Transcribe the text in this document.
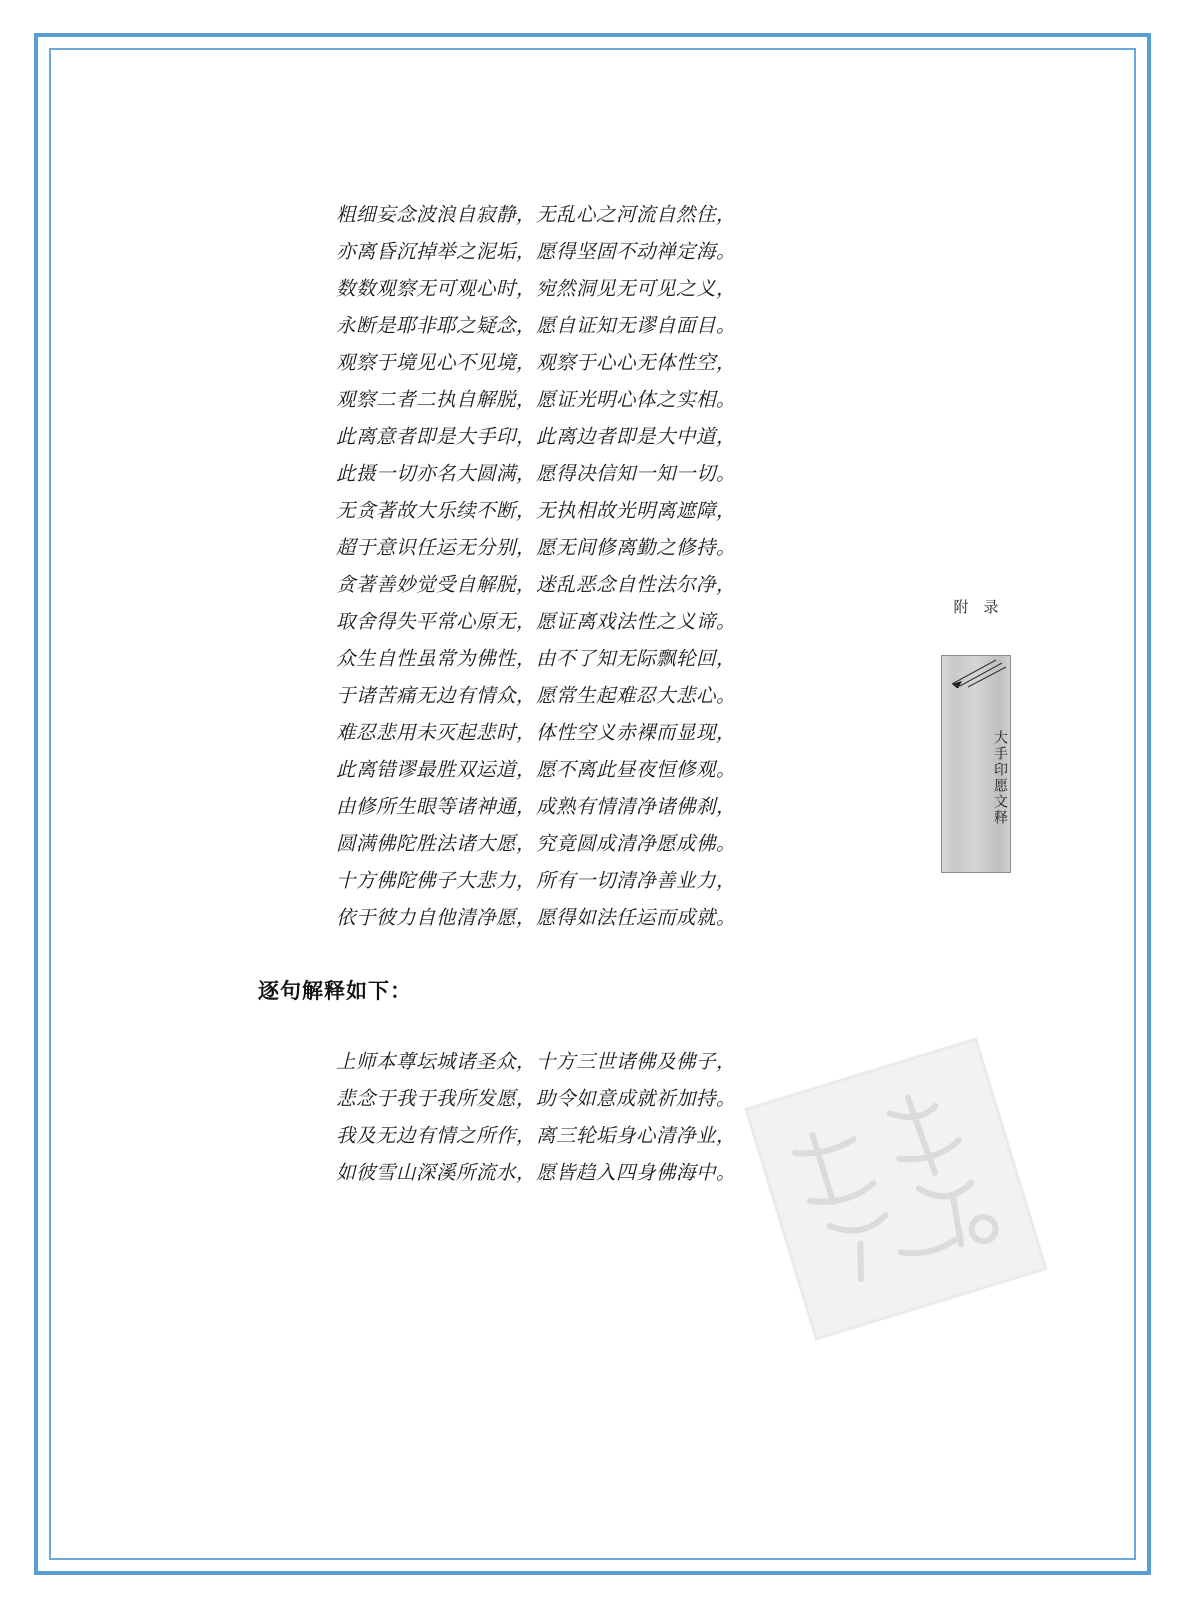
粗细妄念波浪自寂静，无乱心之河流自然住，
亦离昏沉掉举之泥垢，愿得坚固不动禅定海。
数数观察无可观心时，宛然洞见无可见之义，
永断是耶非耶之疑念，愿自证知无谬自面目。
观察于境见心不见境，观察于心心无体性空，
观察二者二执自解脱，愿证光明心体之实相。
此离意者即是大手印，此离边者即是大中道，
此摄一切亦名大圆满，愿得决信知一知一切。
无贪著故大乐续不断，无执相故光明离遮障，
超于意识任运无分别，愿无间修离勤之修持。
贪著善妙觉受自解脱，迷乱恶念自性法尔净，
取舍得失平常心原无，愿证离戏法性之义谛。
众生自性虽常为佛性，由不了知无际飘轮回，
于诸苦痛无边有情众，愿常生起难忍大悲心。
难忍悲用未灭起悲时，体性空义赤裸而显现，
此离错谬最胜双运道，愿不离此昼夜恒修观。
由修所生眼等诸神通，成熟有情清净诸佛刹，
圆满佛陀胜法诸大愿，究竟圆成清净愿成佛。
十方佛陀佛子大悲力，所有一切清净善业力，
依于彼力自他清净愿，愿得如法任运而成就。
逐句解释如下：
上师本尊坛城诸圣众，十方三世诸佛及佛子，
悲念于我于我所发愿，助令如意成就祈加持。
我及无边有情之所作，离三轮垢身心清净业，
如彼雪山深溪所流水，愿皆趋入四身佛海中。
附　录
大手印愿文释
